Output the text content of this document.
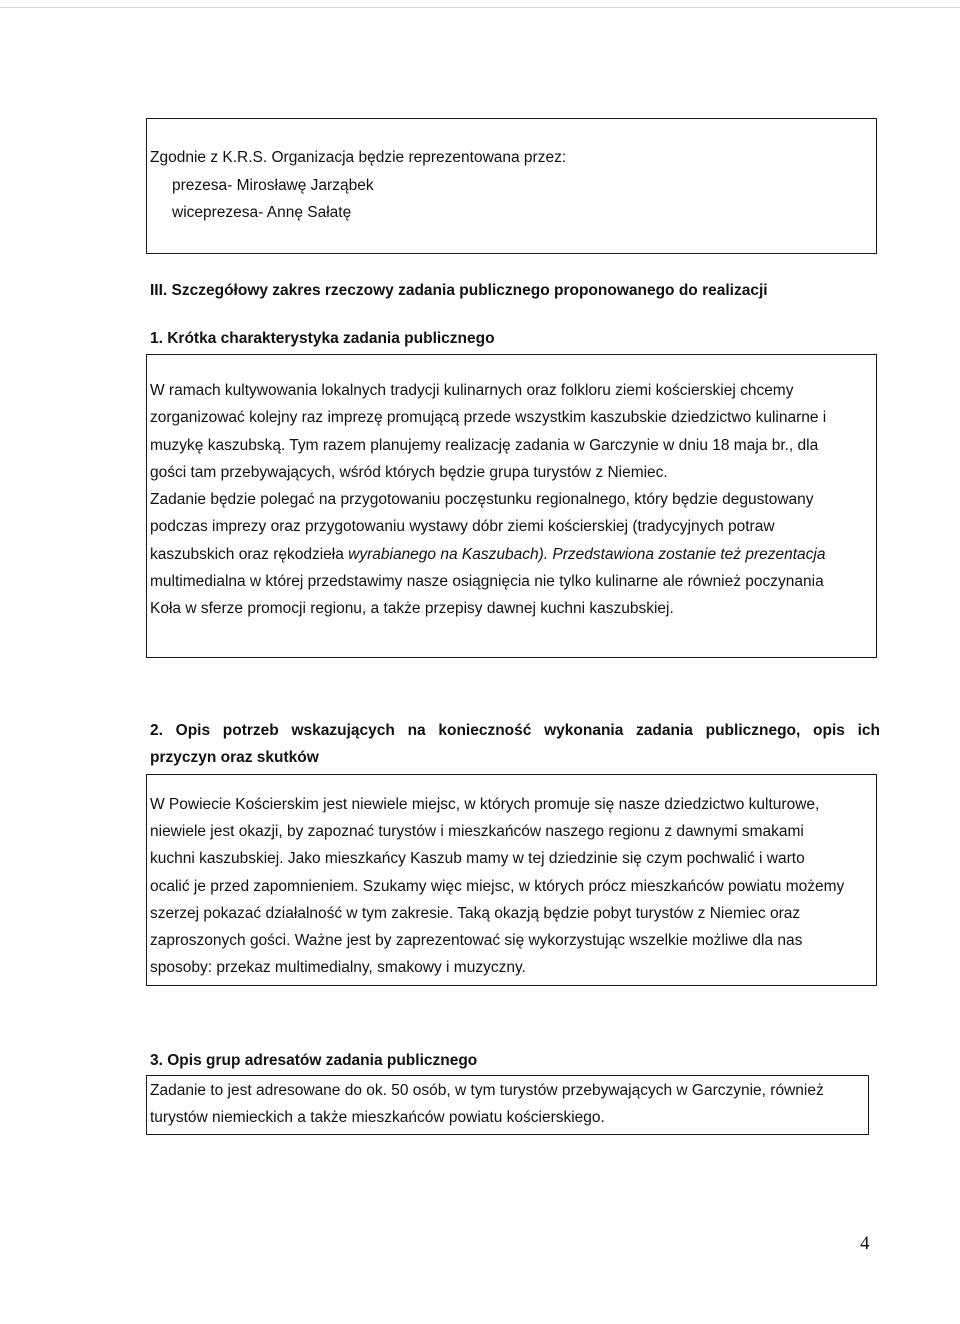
Zgodnie z K.R.S. Organizacja będzie reprezentowana przez:
prezesa- Mirosławę Jarząbek
wiceprezesa- Annę Sałatę
III. Szczegółowy zakres rzeczowy zadania publicznego proponowanego do realizacji
1. Krótka charakterystyka zadania publicznego
W ramach kultywowania lokalnych tradycji kulinarnych oraz folkloru ziemi kościerskiej chcemy
zorganizować kolejny raz imprezę promującą przede wszystkim kaszubskie dziedzictwo kulinarne i
muzykę kaszubską. Tym razem planujemy realizację zadania w Garczynie w dniu 18 maja br., dla
gości tam przebywających, wśród których będzie grupa turystów z Niemiec.
Zadanie będzie polegać na przygotowaniu poczęstunku regionalnego, który będzie degustowany
podczas imprezy oraz przygotowaniu wystawy dóbr ziemi kościerskiej (tradycyjnych potraw
kaszubskich oraz rękodzieła wyrabianego na Kaszubach). Przedstawiona zostanie też prezentacja
multimedialna w której przedstawimy nasze osiągnięcia nie tylko kulinarne ale również poczynania
Koła w sferze promocji regionu, a także przepisy dawnej kuchni kaszubskiej.
2. Opis potrzeb wskazujących na konieczność wykonania zadania publicznego, opis ich
przyczyn oraz skutków
W Powiecie Kościerskim jest niewiele miejsc, w których promuje się nasze dziedzictwo kulturowe,
niewiele jest okazji, by zapoznać turystów i mieszkańców naszego regionu z dawnymi smakami
kuchni kaszubskiej. Jako mieszkańcy Kaszub mamy w tej dziedzinie się czym pochwalić i warto
ocalić je przed zapomnieniem. Szukamy więc miejsc, w których prócz mieszkańców powiatu możemy
szerzej pokazać działalność w tym zakresie. Taką okazją będzie pobyt turystów z Niemiec oraz
zaproszonych gości. Ważne jest by zaprezentować się wykorzystując wszelkie możliwe dla nas
sposoby: przekaz multimedialny, smakowy i muzyczny.
3. Opis grup adresatów zadania publicznego
Zadanie to jest adresowane do ok. 50 osób, w tym turystów przebywających w Garczynie, również
turystów niemieckich a także mieszkańców powiatu kościerskiego.
4
